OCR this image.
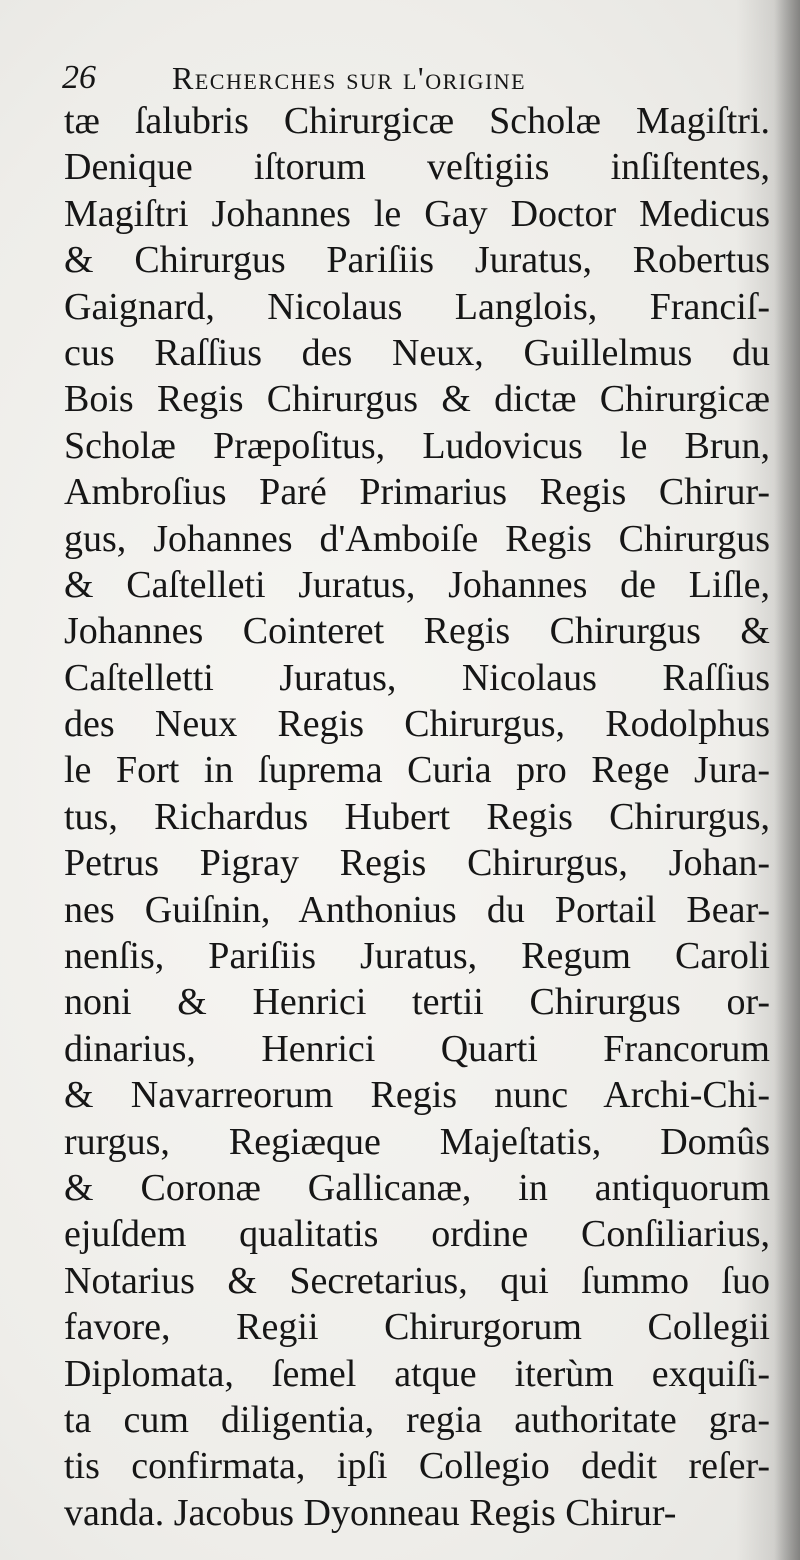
26 Recherches sur l'origine
tæ ſalubris Chirurgicæ Scholæ Magiſtri.
Denique iſtorum veſtigiis inſiſtentes,
Magiſtri Johannes le Gay Doctor Medicus
& Chirurgus Pariſiis Juratus, Robertus
Gaignard, Nicolaus Langlois, Franciſ-
cus Raſſius des Neux, Guillelmus du
Bois Regis Chirurgus & dictæ Chirurgicæ
Scholæ Præpoſitus, Ludovicus le Brun,
Ambroſius Paré Primarius Regis Chirur-
gus, Johannes d'Amboiſe Regis Chirurgus
& Caſtelleti Juratus, Johannes de Liſle,
Johannes Cointeret Regis Chirurgus &
Caſtelletti Juratus, Nicolaus Raſſius
des Neux Regis Chirurgus, Rodolphus
le Fort in ſuprema Curia pro Rege Jura-
tus, Richardus Hubert Regis Chirurgus,
Petrus Pigray Regis Chirurgus, Johan-
nes Guiſnin, Anthonius du Portail Bear-
nenſis, Pariſiis Juratus, Regum Caroli
noni & Henrici tertii Chirurgus or-
dinarius, Henrici Quarti Francorum
& Navarreorum Regis nunc Archi-Chi-
rurgus, Regiæque Majeſtatis, Domûs
& Coronæ Gallicanæ, in antiquorum
ejuſdem qualitatis ordine Conſiliarius,
Notarius & Secretarius, qui ſummo ſuo
favore, Regii Chirurgorum Collegii
Diplomata, ſemel atque iterùm exquiſi-
ta cum diligentia, regia authoritate gra-
tis confirmata, ipſi Collegio dedit reſer-
vanda. Jacobus Dyonneau Regis Chirur-
